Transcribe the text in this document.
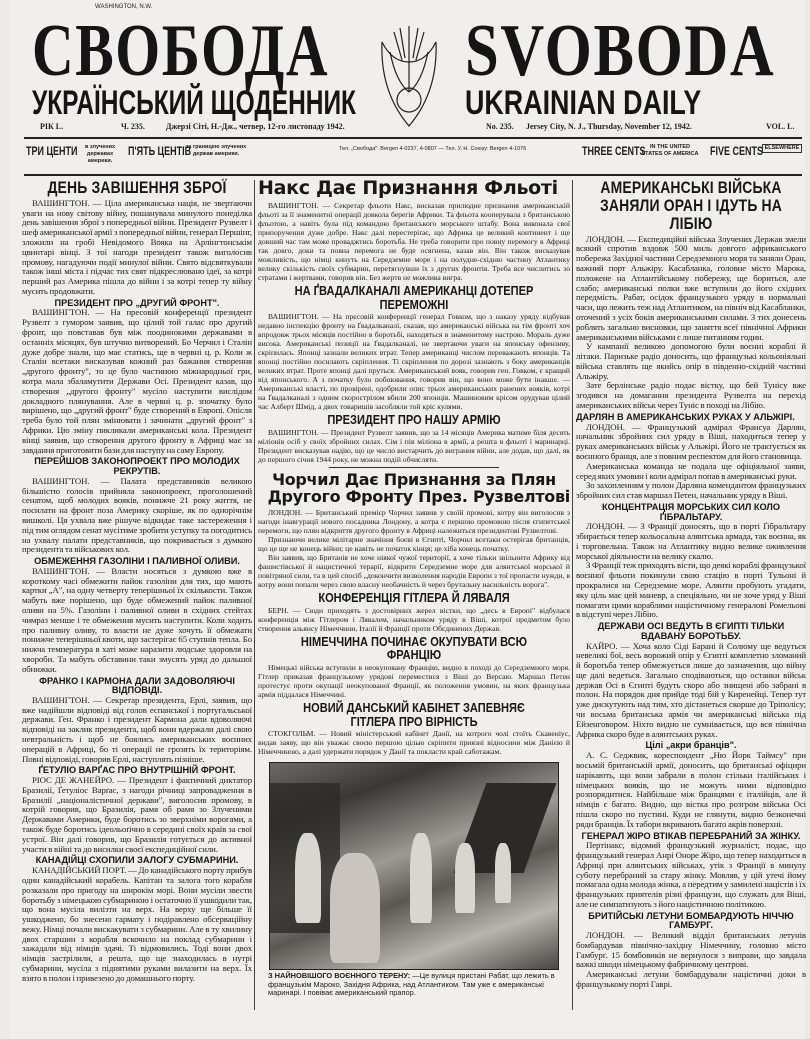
WASHINGTON, N.W.
СВОБОДА SVOBODA
УКРАЇНСЬКИЙ ЩОДЕННИК	UKRAINIAN DAILY
РІК L.	Ч. 235.	Джерзі Сіті, Н.-Дж., четвер, 12-го листопаду 1942.	No. 235. Jersey City, N. J., Thursday, November 12, 1942.	VOL. L.
ТРИ ЦЕНТИ	в злучених державах америки.
П'ЯТЬ ЦЕНТІВ
за границею злучених держав америки.
Тел. „Свобода": Bergen 4-0237, 4-0807 — Тел. У. Н. Союзу: Bergen 4-1076	THREE CENTS IN THE UNITED STATES OF AMERICA FIVE CENTS ELSEWHERE
ДЕНЬ ЗАВІШЕННЯ ЗБРОЇ

ВАШИНГТОН. — Ціла американська нація, не звертаючи уваги на нову світову війну, пошанувала минулого понеділка день завішення зброї з попередньої війни. Президент Рузвелт і шеф американської армії з попередньої війни, генерал Першінг, зложили на гробі Невідомого Вояка на Арлінгтонськім цвинтарі вінці. З тої нагоди президент також виголосив промову, нагадуючи події минулої війни. Свято відсвяткували також інші міста і підчас тих свят підкреслювано ідеї, за котрі перший раз Америка пішла до війни і за котрі тепер ту війну мусить продовжати.

ПРЕЗИДЕНТ ПРО „ДРУГИЙ ФРОНТ".

ВАШИНГТОН. — На пресовій конференції президент Рузвелт з гумором заявив, що цілий той галас про другий фронт, що повставав був між поодинокими державами в останніх місяцях, був штучно витворений. Бо Черчил і Сталін дуже добре знали, що має статись, ще в червні ц. р. Коли ж Сталін всетаки висказував кожний раз бажання створення „другого фронту", то це було частиною міжнародньої гри, котра мала збаламутити Держави Осі. Президент казав, що створення „другого фронту" мусіло наступити вислідом докладного плянування. Але в червні ц. р. зпочатку було вирішено, що „другий фронт" буде створений в Европі. Опісля треба було той плян змінювати і зачинати „другий фронт" з Африки. Цю зміну пикликали американські кола. Президент вінці заявив, що створення другого фронту в Африці має за завдання приготовити бази для наступу на саму Европу.

ПЕРЕЙШОВ ЗАКОНОПРОЕКТ ПРО МОЛОДИХ РЕКРУТІВ.

ВАШИНГТОН. — Палата представників великою більшістю голосів прийняла законопроект, проголошений сенатом, щоб молодих вояків, понижче 21 року життя, не посилати на фронт поза Америку скоріше, як по однорічнім вишколі. Ця ухвала вже рішуче відкидає таке застереження і під тим оглядом сенат мусітиме зробити уступку та погодитись на ухвалу палати представників, що покривається з думкою президента та військових кол.

ОБМЕЖЕННЯ ГАЗОЛІНИ І ПАЛИВНОЇ ОЛИВИ.

ВАШИНГТОН. — Власти носяться з думкою вже в короткому часі обмежити пайок газоліни для тих, що мають картки „А", на одну четверту теперішньої їх скількости. Також мабуть вже порішено, що буде обмежений пайок паливної оливи на 5%. Газоліни і паливної оливи в східних стейтах чимраз менше і те обмеження мусить наступити. Коли ходить про паливну оливу, то власти не дуже хочуть її обмежати понижче теперішньої квоти, що застерігає 65 ступнів тепла. Бо нижча температура в хаті може наразити людське здоровля на хвороби. Та мабуть обставини таки змусять уряд до дальшої обнижки.

ФРАНКО І КАРМОНА ДАЛИ ЗАДОВОЛЯЮЧІ ВІДПОВІДІ.

ВАШИНГТОН. — Секретар президента, Ерлі, заявив, що вже надійшли відповіді від голов еспанської і португальської держави. Ген. Франко і президент Кармона дали вдоволяючі відповіді на заклик президента, щоб вони вдержали далі свою невтральність і щоб не боялись американських воєнних операцій в Африці, бо ті операції не грозять їх територіям. Повні відповіді, говорив Ерлі, наступлять пізніше.

ҐЕТУЛІО ВАРҐАС ПРО ВНУТРІШНІЙ ФРОНТ.

РІОС ДЕ ЖАНЕЙРО. — Президент і фактичний диктатор Бразилії, Ґетуліос Варґас, з нагоди річниці запровадження в Бразилії „націоналістичної держави", виголосив промову, в котрій говорив, що Бразилія, рамя об рамя зо Злученими Державами Америки, буде боротись зо зверхніми ворогами, а також буде боротись ідеольоґічно в середині своїх країв за свої устрої. Він далі говорив, що Бразилія готується до активної участи в війні та до висилки своєї експедиційної сили.

КАНАДІЙЦІ СХОПИЛИ ЗАЛОГУ СУБМАРИНИ.

КАНАДІЙСЬКИЙ ПОРТ. — До канадійського порту прибув один канадійський корабель. Капітан та залога того корабля розказали про пригоду на широкім морі. Вони мусіли звести боротьбу з німецькою субмариною і остаточно її ушкодили так, що вона мусіла вилізти на верх. На верху ще більше її ушкоджено, бо знесено гармату і подіравлено обсерваційну вежу. Німці почали вискакувати з субмарини. Але в ту хвилину двох старшин з корабля вскочило на поклад субмарини і зажадали від німців здачі. Ті відмовились. Тоді вони двох німців застрілили, а решта, що ще знаходилась в нутрі субмарини, мусіла з піднятими руками вилазити на верх. Їх взято в полон і привезено до домашнього порту.

Накс Дає Признання Фльоті

ВАШИНГТОН. — Секретар фльоти Накс, висказав прилюдне признання американській фльоті за її знаменитні операції довкола берегів Африки. Та фльота кооперувала з британською фльотою, а навіть була під командою британського морського штабу. Вона виконала свої припоручення дуже добре. Накс далі перестеріґає, що Африка це великий континент і ще довший час там може проваджтись боротьба. Не треба говорити про повну перемогу в Африці так довго, доки та повна перемога не буде осягнена, казав він. Він також висказував можливість, що німці кинуть на Середземне море і на полудне-східню частину Атлантику велику скількість своїх субмарин, перетягнувши їх з других фронтів. Треба все числитись зо стратами і жертвами, говорив він. Без жертв не можлива вигра.

НА ҐВАДАЛКАНАЛІ АМЕРИКАНЦІ ДОТЕПЕР ПЕРЕМОЖНІ

ВАШИНГТОН. — На пресовій конференції генерал Говком, що з наказу уряду відбував недавно інспекцію фронту на Ґвадалканалі, сказав, що американські війська на тім фронті хоч впродовж трьох місяців постійно в боротьбі, находяться в знаменитому настрою. Мораль дуже висока. Американські позиції на Ґвадалканалі, не звертаючи уваги на японську офензиву, скріпилась. Японці зазнали великих втрат. Тепер американці числом переважають японців. Та японці постійно посилають скріплення. Ті скріплення по дорозі зазнають з боку американців великих втрат. Проте японці далі пруться. Американський вояк, говорив ген. Говком, є кращий від японського. А з початку було побоювання, говорив він, що воно може бути інакше. — Американські власті, по провірені, одобрили опис трьох американських ранених вояків, котрі на Ґвадалканалі з одним скорострілом вбили 200 японців. Машиновим крісом орудував цілий час Алберт Шмід, а двох товаришів засобляли той кріс кулями.

ПРЕЗИДЕНТ ПРО НАШУ АРМІЮ

ВАШИНГТОН. — Президент Рузвелт заявив, що за 14 місяців Америка матиме біля десять міліонів осіб у своїх збройних силах. Сім і пів міліона в армії, а решта в фльоті і маринарці. Президент висказував надію, що це число вистарчить до виграння війни, але додав, що далі, як до першого січня 1944 року, не можна подій обчисляти.

Чорчил Дає Признання за Плян
Другого Фронту През. Рузвелтові

ЛОНДОН. — Британський премієр Чорчил заявив у своїй промові, котру він виголосив з нагоди інавгурації нового посадника Лондону, а котра є першою промовою після єгипетської перемоги, що плян відкриття другого фронту в Африці належиться президентові Рузвелтові.

Признаючи велике мілітарне значіння боєві в Єгипті, Чорчил всетаки остерігав британців, що це ще не конець війни; це навіть не початок кінця; це хіба конець початку.

Він заявив, що Британія не хоче ніякої чужої території, а хоче тільки звільнити Африку від фашистівської й нацистичної терарії, відкрити Середземне море для алянтської морської й повітряної сили, та в цей спосіб „докончити визволення народів Европи з тої пропасти нужди, в котру вони попали через свою власну необачність й через брутальну насильність ворога".

КОНФЕРЕНЦІЯ ГІТЛЕРА Й ЛЯВАЛЯ

БЕРН. — Сюди приходять з достовірних жерел вістки, що „десь в Европі" відбулася конференція між Гітлером і Лявалем, начальником уряду в Віші, котрої предметом було створення альянсу Німеччини, Італії й Франції проти Обєдинених Держав.

НІМЕЧЧИНА ПОЧИНАЄ ОКУПУВАТИ ВСЮ ФРАНЦІЮ

Німецькі війська вступили в неокуповану Францію, видно в поході до Середземного моря. Гітлер приказав французькому урядові переместися з Віші до Версаю. Маршал Петен протестує проти окупації неокупованої Франції, як положення умовин, на яких французька армія піддалася Німеччині.

НОВИЙ ДАНСЬКИЙ КАБІНЕТ ЗАПЕВНЯЄ ГІТЛЕРА ПРО ВІРНІСТЬ

СТОКГОЛЬМ. — Новий міністерський кабінет Данії, на котрого чолі стоїть Скавеніус, видав заяву, що він уважає своєю першою цілью скріпити приязні відносини між Данією й Німеччиною, а далі удержати порядок у Данії та покласти край саботажам.

З НАЙНОВІШОГО ВОЄННОГО ТЕРЕНУ: —Це вулиця пристані Рабат, що лежить в французькім Мароко, Західня Африка, над Атлантиком. Там уже є американські маринарі. І повіває американський прапор.
АМЕРИКАНСЬКІ ВІЙСЬКА ЗАНЯЛИ ОРАН І ІДУТЬ НА ЛІБІЮ

ЛОНДОН. — Експедиційні війська Злучених Держав змели всякий спротив вздовж 500 миль довгого африканського побережа Західної частини Середземного моря та заняли Оран, важний порт Альжіру. Касабланка, головне місто Марока, положене на Атлантійському побережу, ще бориться, але слабо; американські полки вже вступили до його східних передмість. Рабат, осідок французького уряду в нормальні часи, що лежить теж над Атлантиком, на північ від Касабланки, оточений з усіх боків американськими силами. З тих донесень роблять загально висновки, що заняття всеї північної Африки американськими військами є лише питанням годин.

У кампанії великою допомогою були воєнні кораблі й літаки. Паризьке радіо доносить, що французькі кольоніяльні війська ставлять ще якийсь опір в південно-східній частині Альжіру.

Зате берлінське радіо подає вістку, що бей Тунісу вже згодився на домагання президента Рузвелта на перехід американських військ через Туніс в поході на Лібію.

ДАРЛЯН В АМЕРИКАНСЬКИХ РУКАХ У АЛЬЖІРІ.

ЛОНДОН. — Французький адмірал Франсуа Дарлян, начальник збройних сил уряду в Віші, находиться тепер у руках американських військ у Альжірі. Його не трактується як воєнного бранця, але з повним респектом для його становища.

Американська команда не подала ще офіціяльної заяви, серед яких умовин і коли адмірал попав в американські руки.

Зо захопленням у полон Дарляна комендантом французьких збройних сил став маршал Петен, начальник уряду в Віші.

КОНЦЕНТРАЦІЯ МОРСЬКИХ СИЛ КОЛО ҐІБРАЛЬТАРУ.

ЛОНДОН. — З Франції доносять, що в порті Ґібральтару збирається тепер кольосальна алянтська армада, так воєнна, як і торговельна. Також на Атлантику видно велике оживлення морської діяльности на велику скалю.

З Франції теж приходять вісти, що деякі кораблі французької воєнної фльоти покинули свою стацію в порті Тульоні й прокралися на Середземне море. Алянти пробують угадати, яку ціль має цей маневр, а спеціяльно, чи не хоче уряд у Віші помагати цими кораблями націстичному генералові Ромельові в відступі через Лібію.

ДЕРЖАВИ ОСІ ВЕДУТЬ В ЄГИПТІ ТІЛЬКИ ВДАВАНУ БОРОТЬБУ.

КАЙРО. — Хоча коло Сіді Барані й Солюму ще ведуться невеликі бої, весь ворожий опір у Єгипті комплетно зломаний й боротьба тепер обмежується лише до зазначення, що війну ще далі ведеться. Загально сподіваються, що останки військ держав Осі в Єгипті будуть скоро або знищені або забрані в полон. На порядок дня прийде тоді бій у Киренейці. Тепер тут уже дискутують над тим, хто дістанеться скорше до Тріполісу; чи восьма британська армія чи американські війська під Ейзенговором. Ніхто видно не сумнівається, що вся північна Африка скоро буде в алянтських руках.

Цілі „акри бранців".

А. С. Седжвик, кореспондент „Ню Йорк Таймсу" при восьмій британській армії, доносить, що британські офіцири нарікають, що вони забрали в полон стільки італійських і німецьких вояків, що не можуть ними відповідно розпорядитися. Найбільше між бранцями є італійців, але й німців є багато. Видно, що вістка про розгром війська Осі пішла скоро по пустині. Куди не глянути, видно безконечні ряди бранців. Їх табори вкривають багато акрів поверхні.

ГЕНЕРАЛ ЖІРО ВТІКАВ ПЕРЕБРАНИЙ ЗА ЖІНКУ.

Пертінакс, відомий французький журналіст, подає, що французький генерал Анрі Оноре Жіро, що тепер находиться в Африці при алянтських військах, утік з Франції в минулу суботу перебраний за стару жінку. Мовляв, у цій утечі йому помагала одна молода жінка, а передтим у замилені націстів і їх французьких приятелів різні французи, що служать для Віші, але не симпатизують з його націстичною політикою.

БРИТІЙСЬКІ ЛЕТУНИ БОМБАРДУЮТЬ НІЧЧЮ ГАМБУРГ.

ЛОНДОН. — Великий відділ британських летунів бомбардував північно-західну Німеччину, головно місто Гамбурґ. 15 бомбовиків не вернулося з виправи, що завдала важкі шкоди німецькому фабричному центрові.

Американські летуни бомбардували націстичні доки в французькому порті Гаврі.
